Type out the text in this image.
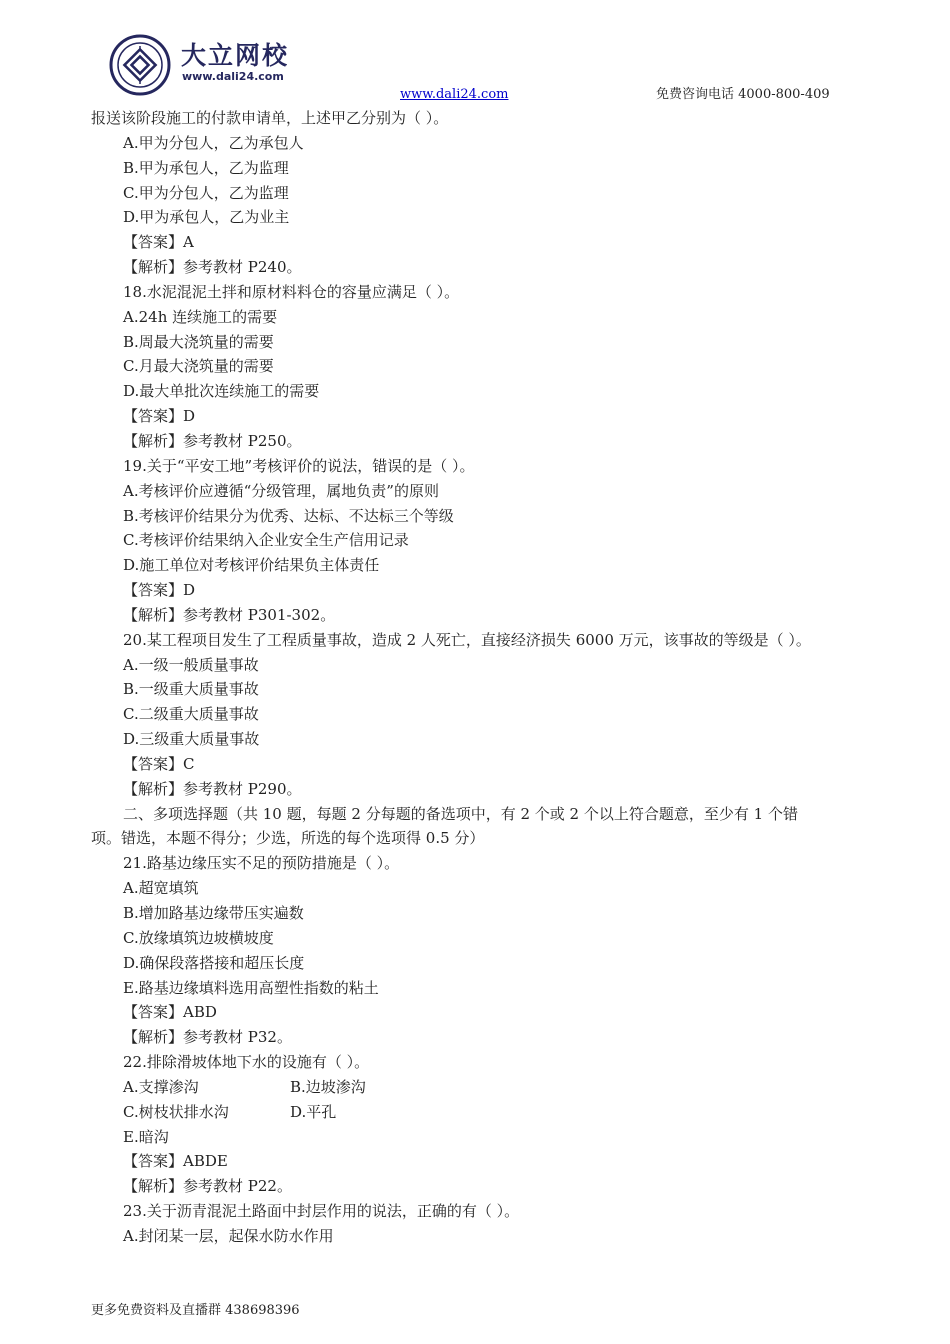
大立网校
www.dali24.com
www.dali24.com	免费咨询电话 4000-800-409
报送该阶段施工的付款申请单，上述甲乙分别为（ ）。
A.甲为分包人，乙为承包人
B.甲为承包人，乙为监理
C.甲为分包人，乙为监理
D.甲为承包人，乙为业主
【答案】A
【解析】参考教材 P240。
18.水泥混泥土拌和原材料料仓的容量应满足（ ）。
A.24h 连续施工的需要
B.周最大浇筑量的需要
C.月最大浇筑量的需要
D.最大单批次连续施工的需要
【答案】D
【解析】参考教材 P250。
19.关于“平安工地”考核评价的说法，错误的是（ ）。
A.考核评价应遵循“分级管理，属地负责”的原则
B.考核评价结果分为优秀、达标、不达标三个等级
C.考核评价结果纳入企业安全生产信用记录
D.施工单位对考核评价结果负主体责任
【答案】D
【解析】参考教材 P301-302。
20.某工程项目发生了工程质量事故，造成 2 人死亡，直接经济损失 6000 万元，该事故的等级是（ ）。
A.一级一般质量事故
B.一级重大质量事故
C.二级重大质量事故
D.三级重大质量事故
【答案】C
【解析】参考教材 P290。
二、多项选择题（共 10 题，每题 2 分每题的备选项中，有 2 个或 2 个以上符合题意，至少有 1 个错
项。错选，本题不得分；少选，所选的每个选项得 0.5 分）
21.路基边缘压实不足的预防措施是（ ）。
A.超宽填筑
B.增加路基边缘带压实遍数
C.放缘填筑边坡横坡度
D.确保段落搭接和超压长度
E.路基边缘填料选用高塑性指数的粘土
【答案】ABD
【解析】参考教材 P32。
22.排除滑坡体地下水的设施有（ ）。
A.支撑渗沟	B.边坡渗沟
C.树枝状排水沟	D.平孔
E.暗沟
【答案】ABDE
【解析】参考教材 P22。
23.关于沥青混泥土路面中封层作用的说法，正确的有（ ）。
A.封闭某一层，起保水防水作用
更多免费资料及直播群 438698396
